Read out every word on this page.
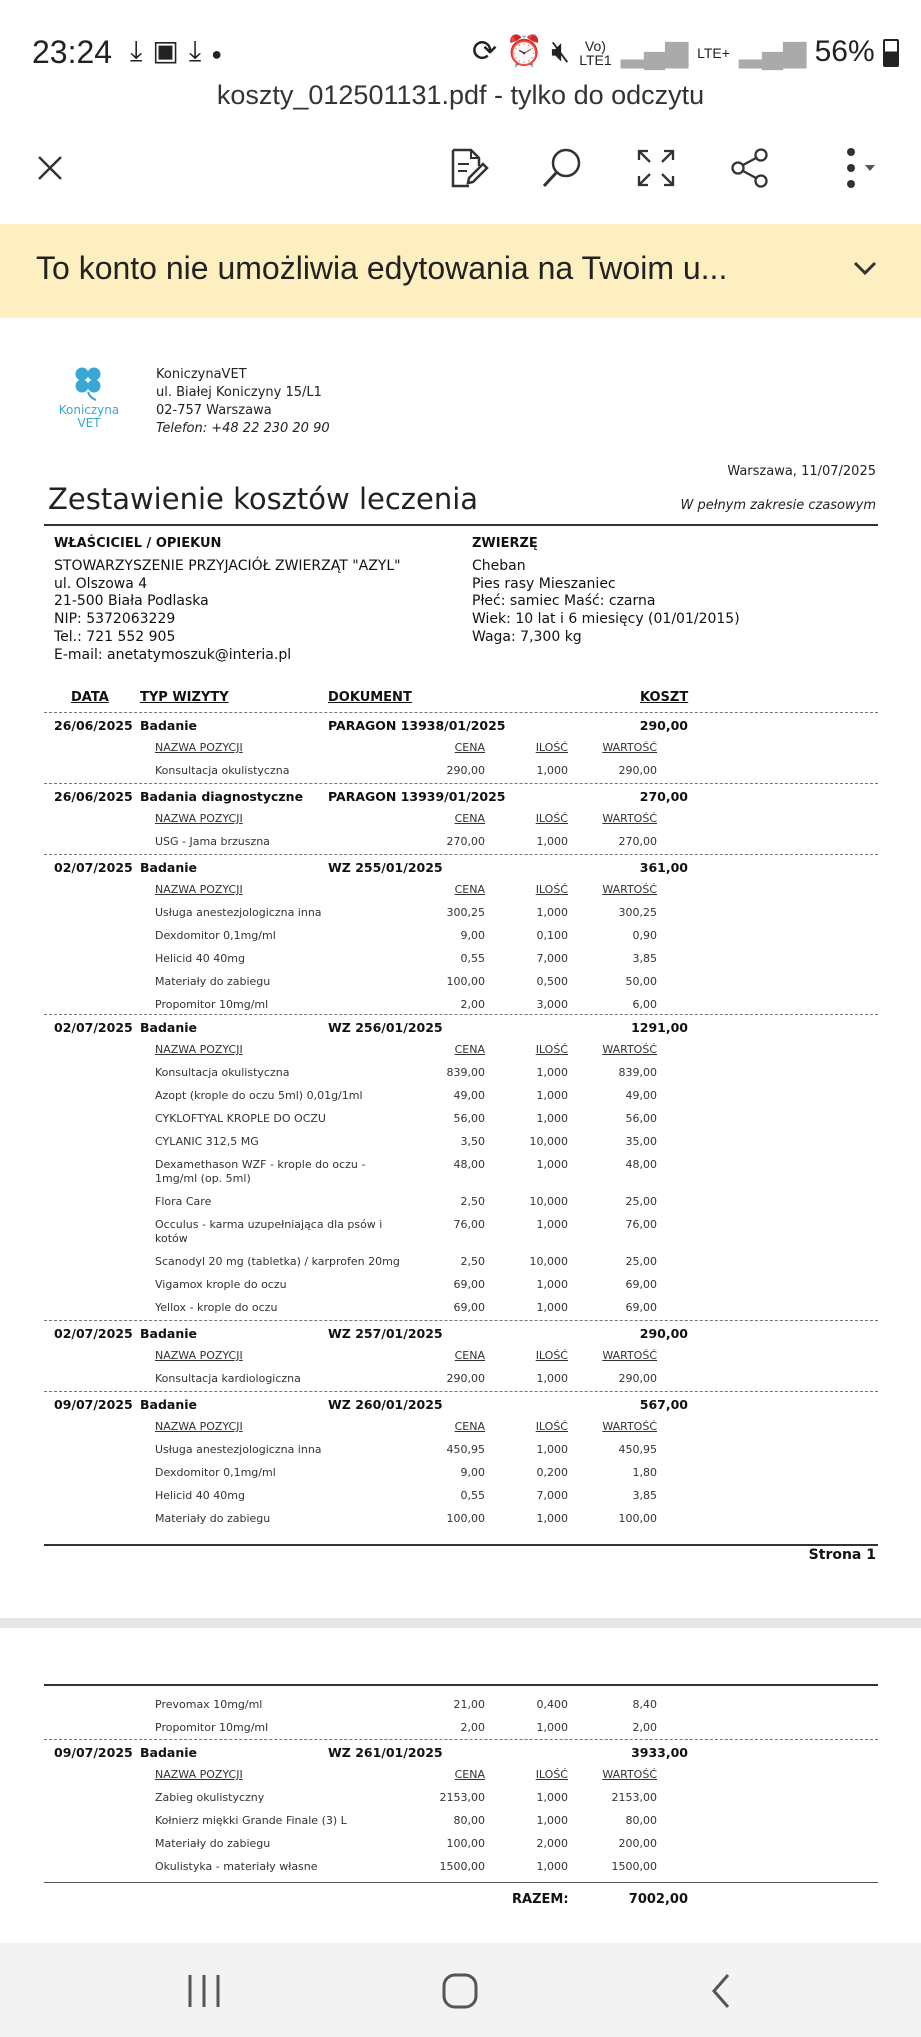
23:24 ⤓▣⤓●	⟳ ⏰ 🔇︎ Vo) LTE1 ▂▄▆ LTE+ ▂▄▆ 56%
koszty_012501131.pdf - tylko do odczytu
To konto nie umożliwia edytowania na Twoim u...
Koniczyna
VET
KoniczynaVET
ul. Białej Koniczyny 15/L1
02-757 Warszawa
Telefon: +48 22 230 20 90
Warszawa, 11/07/2025
Zestawienie kosztów leczenia	W pełnym zakresie czasowym
WŁAŚCICIEL / OPIEKUN
STOWARZYSZENIE PRZYJACIÓŁ ZWIERZĄT "AZYL"
ul. Olszowa 4
21-500 Biała Podlaska
NIP: 5372063229
Tel.: 721 552 905
E-mail: anetatymoszuk@interia.pl
ZWIERZĘ
Cheban
Pies rasy Mieszaniec
Płeć: samiec Maść: czarna
Wiek: 10 lat i 6 miesięcy (01/01/2015)
Waga: 7,300 kg
DATA TYP WIZYTY	DOKUMENT	KOSZT
26/06/2025 Badanie	PARAGON 13938/01/2025	290,00
NAZWA POZYCJI	CENA	ILOŚĆ	WARTOŚĆ
Konsultacja okulistyczna	290,00	1,000	290,00
26/06/2025 Badania diagnostyczne PARAGON 13939/01/2025	270,00
NAZWA POZYCJI	CENA	ILOŚĆ	WARTOŚĆ
USG - Jama brzuszna	270,00	1,000	270,00
02/07/2025 Badanie	WZ 255/01/2025	361,00
NAZWA POZYCJI	CENA	ILOŚĆ	WARTOŚĆ
Usługa anestezjologiczna inna	300,25	1,000	300,25
Dexdomitor 0,1mg/ml	9,00	0,100	0,90
Helicid 40 40mg	0,55	7,000	3,85
Materiały do zabiegu	100,00	0,500	50,00
Propomitor 10mg/ml	2,00	3,000	6,00
02/07/2025 Badanie	WZ 256/01/2025	1291,00
NAZWA POZYCJI	CENA	ILOŚĆ	WARTOŚĆ
Konsultacja okulistyczna	839,00	1,000	839,00
Azopt (krople do oczu 5ml) 0,01g/1ml	49,00	1,000	49,00
CYKLOFTYAL KROPLE DO OCZU	56,00	1,000	56,00
CYLANIC 312,5 MG	3,50	10,000	35,00
Dexamethason WZF - krople do oczu -	48,00	1,000	48,00
1mg/ml (op. 5ml)
Flora Care	2,50	10,000	25,00
Occulus - karma uzupełniająca dla psów i	76,00	1,000	76,00
kotów
Scanodyl 20 mg (tabletka) / karprofen 20mg	2,50	10,000	25,00
Vigamox krople do oczu	69,00	1,000	69,00
Yellox - krople do oczu	69,00	1,000	69,00
02/07/2025 Badanie	WZ 257/01/2025	290,00
NAZWA POZYCJI	CENA	ILOŚĆ	WARTOŚĆ
Konsultacja kardiologiczna	290,00	1,000	290,00
09/07/2025 Badanie	WZ 260/01/2025	567,00
NAZWA POZYCJI	CENA	ILOŚĆ	WARTOŚĆ
Usługa anestezjologiczna inna	450,95	1,000	450,95
Dexdomitor 0,1mg/ml	9,00	0,200	1,80
Helicid 40 40mg	0,55	7,000	3,85
Materiały do zabiegu	100,00	1,000	100,00
Prevomax 10mg/ml	21,00	0,400	8,40
Propomitor 10mg/ml	2,00	1,000	2,00
09/07/2025 Badanie	WZ 261/01/2025	3933,00
NAZWA POZYCJI	CENA	ILOŚĆ	WARTOŚĆ
Zabieg okulistyczny	2153,00	1,000	2153,00
Kołnierz miękki Grande Finale (3) L	80,00	1,000	80,00
Materiały do zabiegu	100,00	2,000	200,00
Okulistyka - materiały własne	1500,00	1,000	1500,00
Strona 1
RAZEM:	7002,00
